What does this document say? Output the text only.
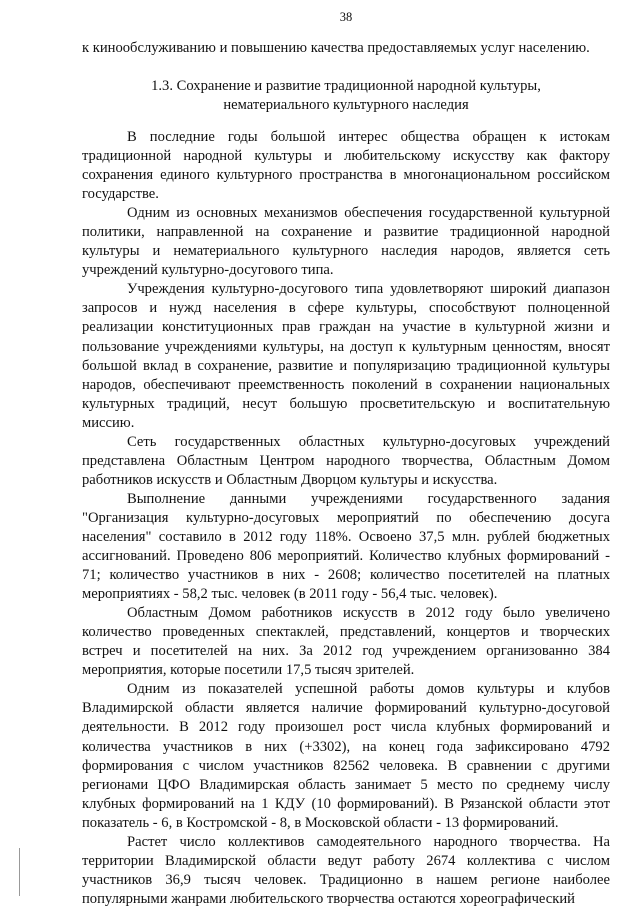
38
к кинообслуживанию и повышению качества предоставляемых услуг населению.
1.3. Сохранение и развитие традиционной народной культуры,
нематериального культурного наследия

В последние годы большой интерес общества обращен к истокам традиционной народной культуры и любительскому искусству как фактору сохранения единого культурного пространства в многонациональном российском государстве.

Одним из основных механизмов обеспечения государственной культурной политики, направленной на сохранение и развитие традиционной народной культуры и нематериального культурного наследия народов, является сеть учреждений культурно-досугового типа.

Учреждения культурно-досугового типа удовлетворяют широкий диапазон запросов и нужд населения в сфере культуры, способствуют полноценной реализации конституционных прав граждан на участие в культурной жизни и пользование учреждениями культуры, на доступ к культурным ценностям, вносят большой вклад в сохранение, развитие и популяризацию традиционной культуры народов, обеспечивают преемственность поколений в сохранении национальных культурных традиций, несут большую просветительскую и воспитательную миссию.

Сеть государственных областных культурно-досуговых учреждений представлена Областным Центром народного творчества, Областным Домом работников искусств и Областным Дворцом культуры и искусства.

Выполнение данными учреждениями государственного задания "Организация культурно-досуговых мероприятий по обеспечению досуга населения" составило в 2012 году 118%. Освоено 37,5 млн. рублей бюджетных ассигнований. Проведено 806 мероприятий. Количество клубных формирований - 71; количество участников в них - 2608; количество посетителей на платных мероприятиях - 58,2 тыс. человек (в 2011 году - 56,4 тыс. человек).

Областным Домом работников искусств в 2012 году было увеличено количество проведенных спектаклей, представлений, концертов и творческих встреч и посетителей на них. За 2012 год учреждением организованно 384 мероприятия, которые посетили 17,5 тысяч зрителей.

Одним из показателей успешной работы домов культуры и клубов Владимирской области является наличие формирований культурно-досуговой деятельности. В 2012 году произошел рост числа клубных формирований и количества участников в них (+3302), на конец года зафиксировано 4792 формирования с числом участников 82562 человека. В сравнении с другими регионами ЦФО Владимирская область занимает 5 место по среднему числу клубных формирований на 1 КДУ (10 формирований). В Рязанской области этот показатель - 6, в Костромской - 8, в Московской области - 13 формирований.

Растет число коллективов самодеятельного народного творчества. На территории Владимирской области ведут работу 2674 коллектива с числом участников 36,9 тысяч человек. Традиционно в нашем регионе наиболее популярными жанрами любительского творчества остаются хореографический
